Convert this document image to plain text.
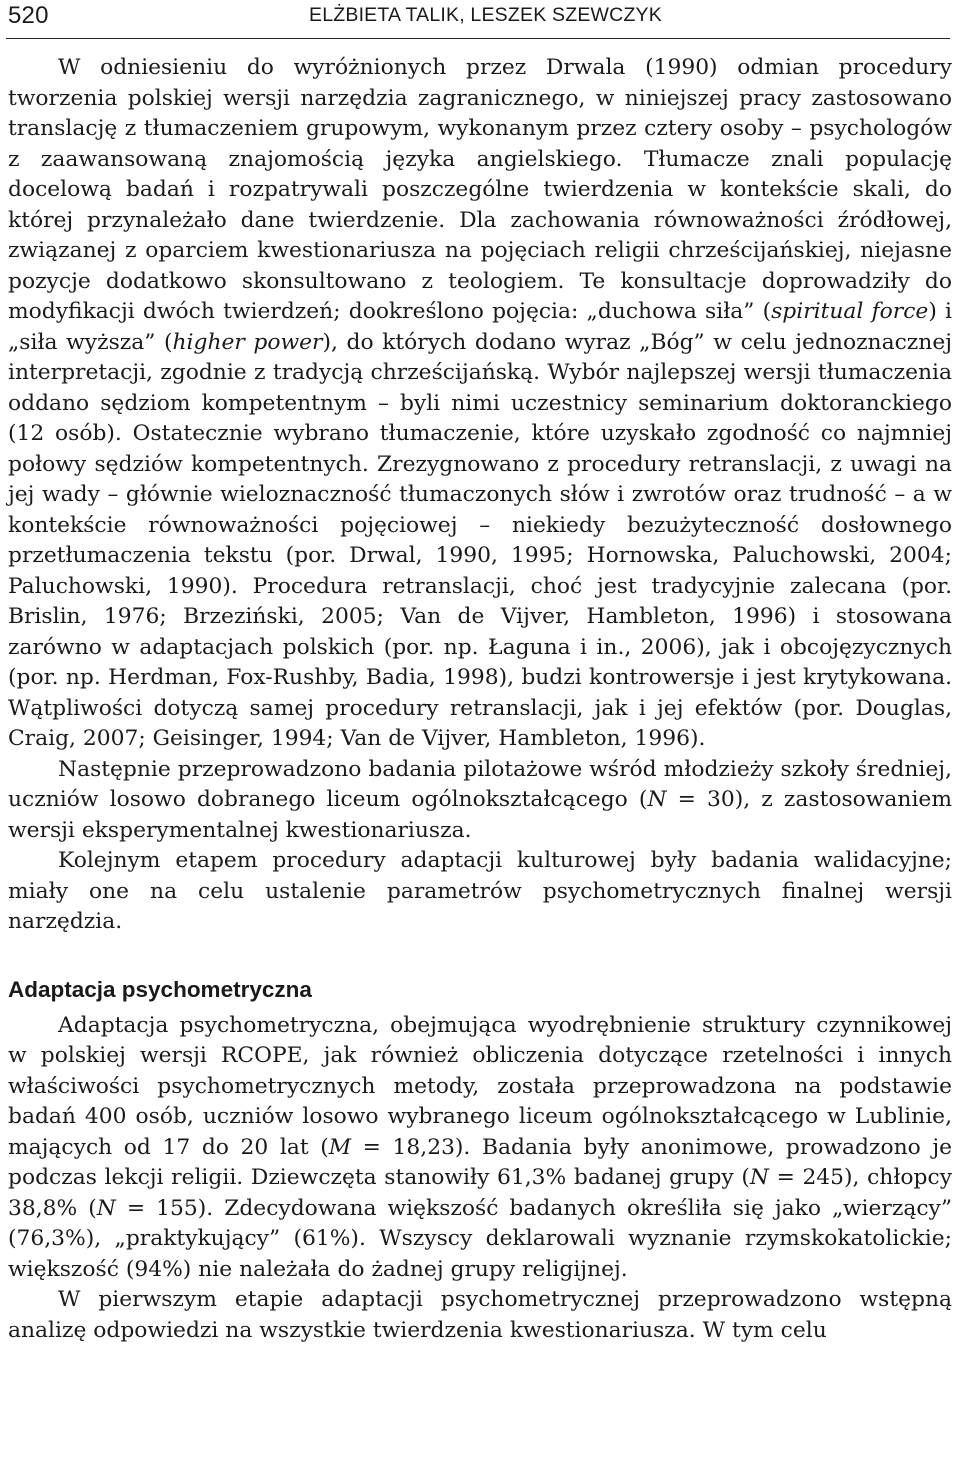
520	ELŻBIETA TALIK, LESZEK SZEWCZYK

W odniesieniu do wyróżnionych przez Drwala (1990) odmian procedury tworzenia polskiej wersji narzędzia zagranicznego, w niniejszej pracy zastosowano translację z tłumaczeniem grupowym, wykonanym przez cztery osoby – psychologów z zaawansowaną znajomością języka angielskiego. Tłumacze znali populację docelową badań i rozpatrywali poszczególne twierdzenia w kontekście skali, do której przynależało dane twierdzenie. Dla zachowania równoważności źródłowej, związanej z oparciem kwestionariusza na pojęciach religii chrześcijańskiej, niejasne pozycje dodatkowo skonsultowano z teologiem. Te konsultacje doprowadziły do modyfikacji dwóch twierdzeń; dookreślono pojęcia: „duchowa siła” (spiritual force) i „siła wyższa” (higher power), do których dodano wyraz „Bóg” w celu jednoznacznej interpretacji, zgodnie z tradycją chrześcijańską. Wybór najlepszej wersji tłumaczenia oddano sędziom kompetentnym – byli nimi uczestnicy seminarium doktoranckiego (12 osób). Ostatecznie wybrano tłumaczenie, które uzyskało zgodność co najmniej połowy sędziów kompetentnych. Zrezygnowano z procedury retranslacji, z uwagi na jej wady – głównie wieloznaczność tłumaczonych słów i zwrotów oraz trudność – a w kontekście równoważności pojęciowej – niekiedy bezużyteczność dosłownego przetłumaczenia tekstu (por. Drwal, 1990, 1995; Hornowska, Paluchowski, 2004; Paluchowski, 1990). Procedura retranslacji, choć jest tradycyjnie zalecana (por. Brislin, 1976; Brzeziński, 2005; Van de Vijver, Hambleton, 1996) i stosowana zarówno w adaptacjach polskich (por. np. Łaguna i in., 2006), jak i obcojęzycznych (por. np. Herdman, Fox-Rushby, Badia, 1998), budzi kontrowersje i jest krytykowana. Wątpliwości dotyczą samej procedury retranslacji, jak i jej efektów (por. Douglas, Craig, 2007; Geisinger, 1994; Van de Vijver, Hambleton, 1996).

Następnie przeprowadzono badania pilotażowe wśród młodzieży szkoły średniej, uczniów losowo dobranego liceum ogólnokształcącego (N = 30), z zastosowaniem wersji eksperymentalnej kwestionariusza.

Kolejnym etapem procedury adaptacji kulturowej były badania walidacyjne; miały one na celu ustalenie parametrów psychometrycznych finalnej wersji narzędzia.

Adaptacja psychometryczna

Adaptacja psychometryczna, obejmująca wyodrębnienie struktury czynnikowej w polskiej wersji RCOPE, jak również obliczenia dotyczące rzetelności i innych właściwości psychometrycznych metody, została przeprowadzona na podstawie badań 400 osób, uczniów losowo wybranego liceum ogólnokształcącego w Lublinie, mających od 17 do 20 lat (M = 18,23). Badania były anonimowe, prowadzono je podczas lekcji religii. Dziewczęta stanowiły 61,3% badanej grupy (N = 245), chłopcy 38,8% (N = 155). Zdecydowana większość badanych określiła się jako „wierzący” (76,3%), „praktykujący” (61%). Wszyscy deklarowali wyznanie rzymskokatolickie; większość (94%) nie należała do żadnej grupy religijnej.

W pierwszym etapie adaptacji psychometrycznej przeprowadzono wstępną analizę odpowiedzi na wszystkie twierdzenia kwestionariusza. W tym celu
